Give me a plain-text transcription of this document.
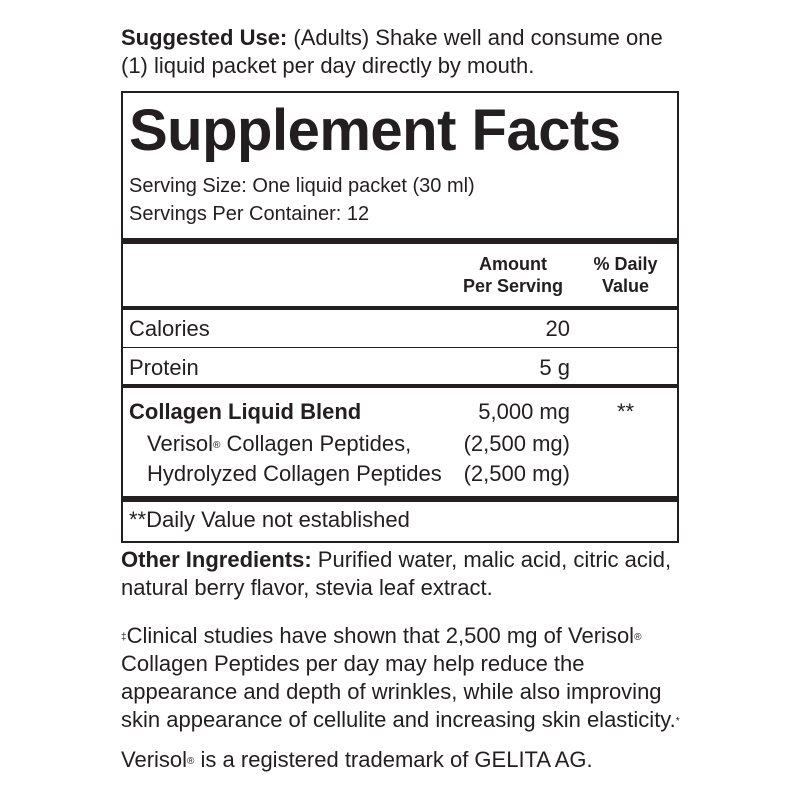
Suggested Use: (Adults) Shake well and consume one (1) liquid packet per day directly by mouth.

Supplement Facts
Serving Size: One liquid packet (30 ml)
Servings Per Container: 12
Amount
Per Serving
% Daily
Value
Calories	20
Protein	5 g
Collagen Liquid Blend	5,000 mg **
Verisol® Collagen Peptides,	(2,500 mg)
Hydrolyzed Collagen Peptides (2,500 mg)
**Daily Value not established

Other Ingredients: Purified water, malic acid, citric acid, natural berry flavor, stevia leaf extract.

‡Clinical studies have shown that 2,500 mg of Verisol® Collagen Peptides per day may help reduce the appearance and depth of wrinkles, while also improving skin appearance of cellulite and increasing skin elasticity.*

Verisol® is a registered trademark of GELITA AG.
